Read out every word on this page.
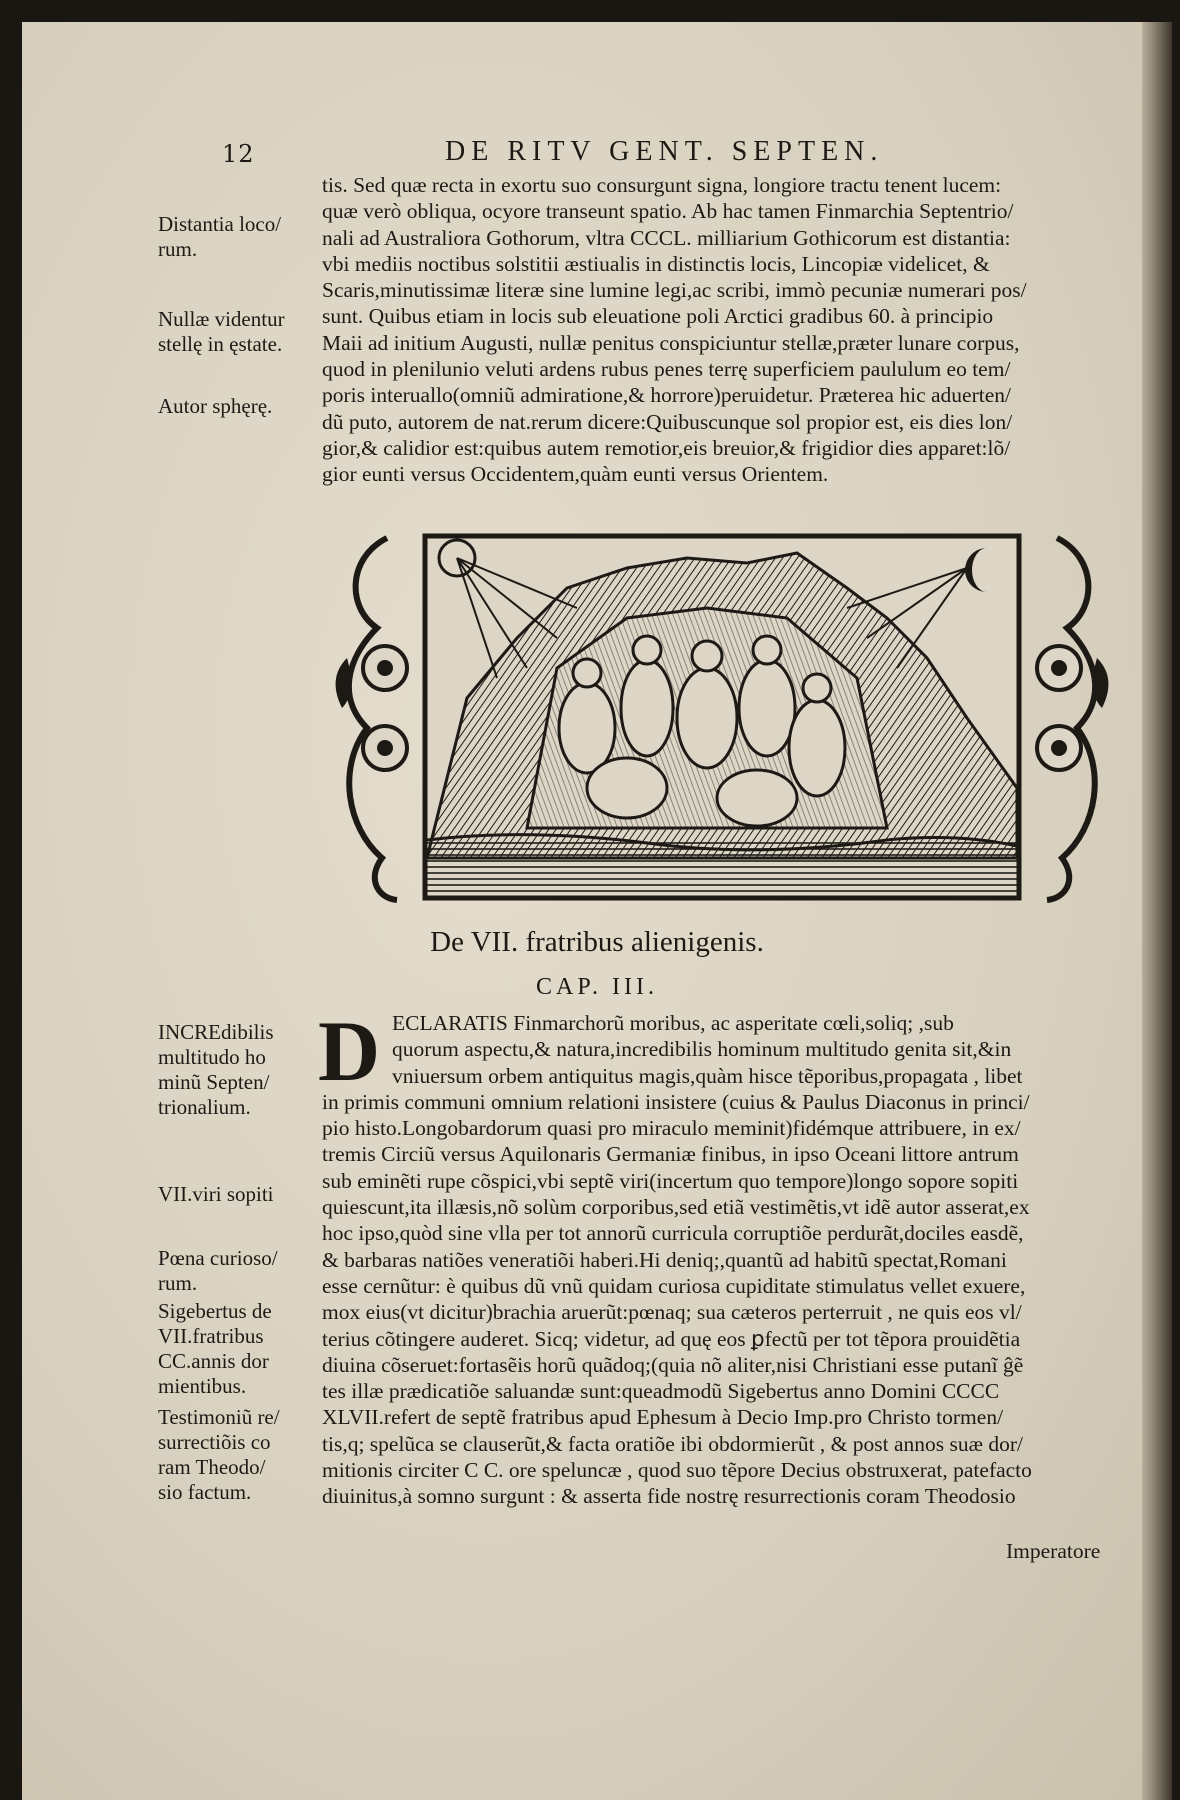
12	DE RITV GENT. SEPTEN.
tis. Sed quæ recta in exortu suo consurgunt signa, longiore tractu tenent lucem:
quæ verò obliqua, ocyore transeunt spatio. Ab hac tamen Finmarchia Septentrio/
nali ad Australiora Gothorum, vltra CCCL. milliarium Gothicorum est distantia:
vbi mediis noctibus solstitii æstiualis in distinctis locis, Lincopiæ videlicet, &
Scaris,minutissimæ literæ sine lumine legi,ac scribi, immò pecuniæ numerari pos/
sunt. Quibus etiam in locis sub eleuatione poli Arctici gradibus 60. à principio
Maii ad initium Augusti, nullæ penitus conspiciuntur stellæ,præter lunare corpus,
quod in plenilunio veluti ardens rubus penes terrę superficiem paululum eo tem/
poris interuallo(omniũ admiratione,& horrore)peruidetur. Præterea hic aduerten/
dũ puto, autorem de nat.rerum dicere:Quibuscunque sol propior est, eis dies lon/
gior,& calidior est:quibus autem remotior,eis breuior,& frigidior dies apparet:lõ/
gior eunti versus Occidentem,quàm eunti versus Orientem.
Distantia loco/
rum.
Nullæ videntur
stellę in ęstate.
Autor sphęrę.
De VII. fratribus alienigenis.
CAP. III.
D ECLARATIS Finmarchorũ moribus, ac asperitate cœli,soliq; ,sub
quorum aspectu,& natura,incredibilis hominum multitudo genita sit,&in
vniuersum orbem antiquitus magis,quàm hisce tẽporibus,propagata , libet
in primis communi omnium relationi insistere (cuius & Paulus Diaconus in princi/
pio histo.Longobardorum quasi pro miraculo meminit)fidémque attribuere, in ex/
tremis Circiũ versus Aquilonaris Germaniæ finibus, in ipso Oceani littore antrum
sub eminẽti rupe cõspici,vbi septẽ viri(incertum quo tempore)longo sopore sopiti
quiescunt,ita illæsis,nõ solùm corporibus,sed etiã vestimẽtis,vt idẽ autor asserat,ex
hoc ipso,quòd sine vlla per tot annorũ curricula corruptiõe perdurãt,dociles easdẽ,
& barbaras natiões veneratiõi haberi.Hi deniq;,quantũ ad habitũ spectat,Romani
esse cernũtur: è quibus dũ vnũ quidam curiosa cupiditate stimulatus vellet exuere,
mox eius(vt dicitur)brachia aruerũt:pœnaq; sua cæteros perterruit , ne quis eos vl/
terius cõtingere auderet. Sicq; videtur, ad quę eos ꝑfectũ per tot tẽpora prouidẽtia
diuina cõseruet:fortasẽis horũ quãdoq;(quia nõ aliter,nisi Christiani esse putanĩ ĝẽ
tes illæ prædicatiõe saluandæ sunt:queadmodũ Sigebertus anno Domini CCCC
XLVII.refert de septẽ fratribus apud Ephesum à Decio Imp.pro Christo tormen/
tis,q; spelũca se clauserũt,& facta oratiõe ibi obdormierũt , & post annos suæ dor/
mitionis circiter C C. ore speluncæ , quod suo tẽpore Decius obstruxerat, patefacto
diuinitus,à somno surgunt : & asserta fide nostrę resurrectionis coram Theodosio
Imperatore
INCREdibilis
multitudo ho
minũ Septen/
trionalium.
VII.viri sopiti
Pœna curioso/
rum.
Sigebertus de
VII.fratribus
CC.annis dor
mientibus.
Testimoniũ re/
surrectiõis co
ram Theodo/
sio factum.
